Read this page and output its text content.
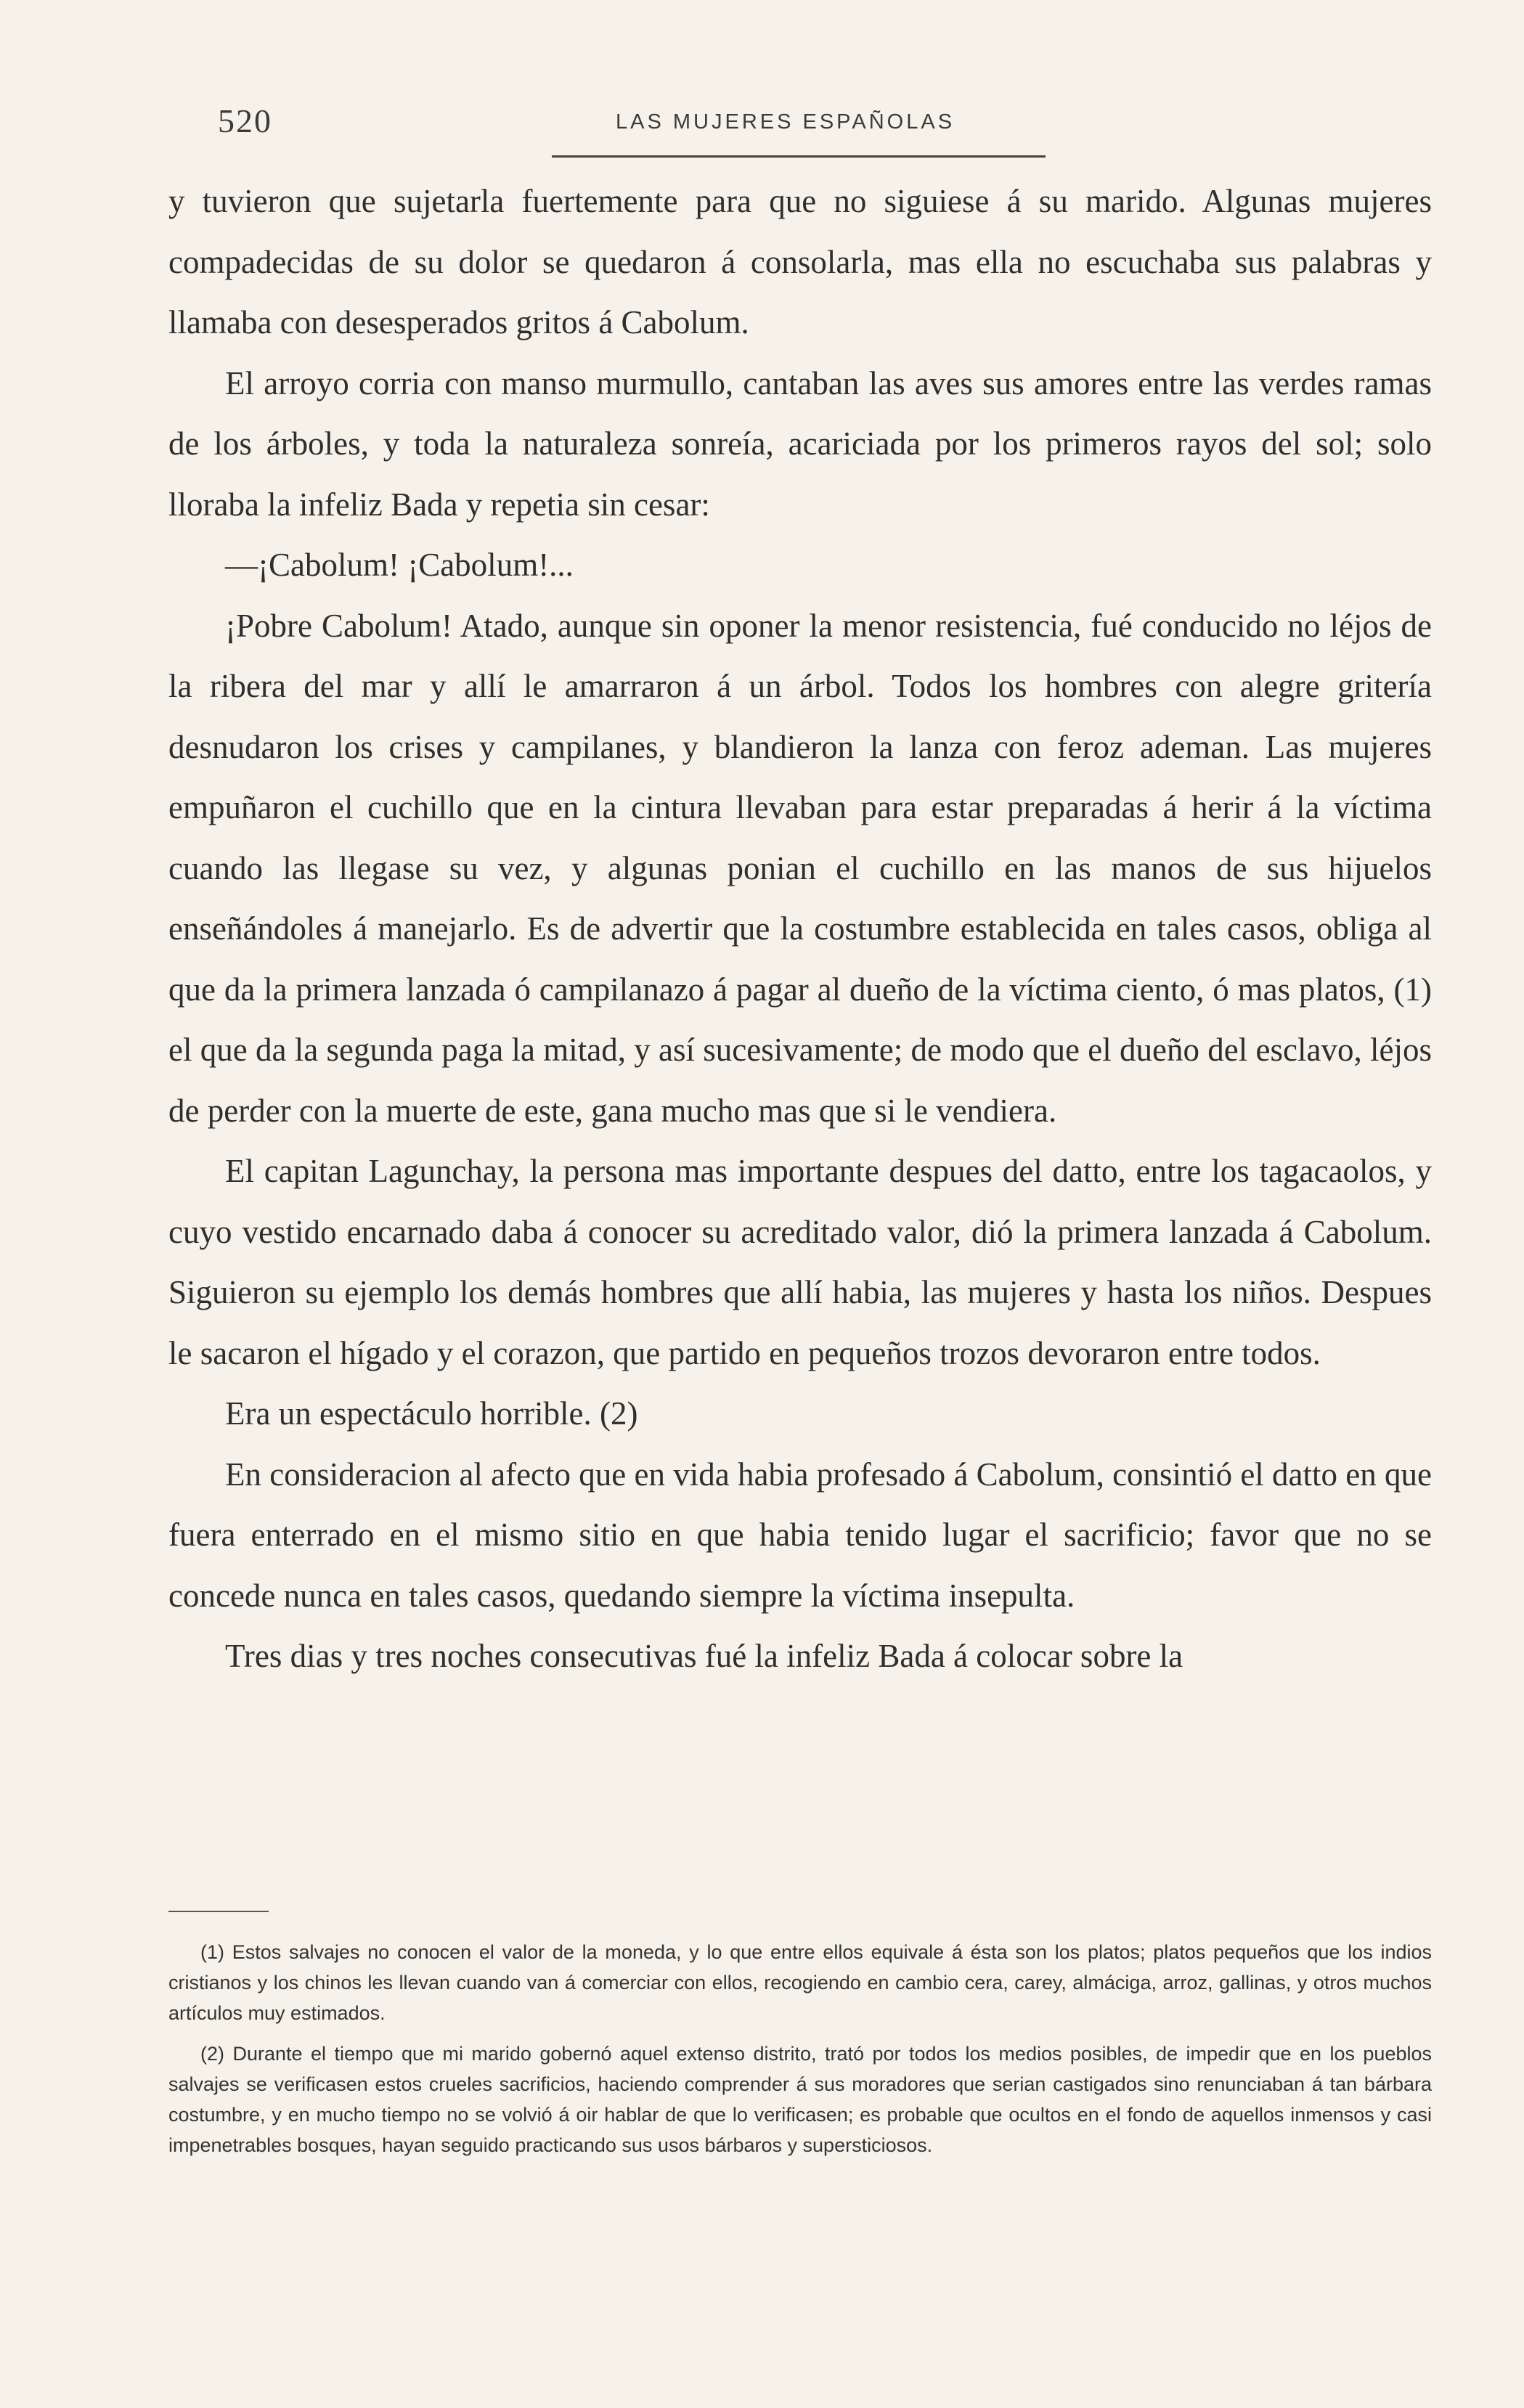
520	LAS MUJERES ESPAÑOLAS

y tuvieron que sujetarla fuertemente para que no siguiese á su marido. Algunas mujeres compadecidas de su dolor se quedaron á consolarla, mas ella no escuchaba sus palabras y llamaba con desesperados gritos á Cabolum.

El arroyo corria con manso murmullo, cantaban las aves sus amores entre las verdes ramas de los árboles, y toda la naturaleza sonreía, acariciada por los primeros rayos del sol; solo lloraba la infeliz Bada y repetia sin cesar:

—¡Cabolum! ¡Cabolum!...

¡Pobre Cabolum! Atado, aunque sin oponer la menor resistencia, fué conducido no léjos de la ribera del mar y allí le amarraron á un árbol. Todos los hombres con alegre gritería desnudaron los crises y campilanes, y blandieron la lanza con feroz ademan. Las mujeres empuñaron el cuchillo que en la cintura llevaban para estar preparadas á herir á la víctima cuando las llegase su vez, y algunas ponian el cuchillo en las manos de sus hijuelos enseñándoles á manejarlo. Es de advertir que la costumbre establecida en tales casos, obliga al que da la primera lanzada ó campilanazo á pagar al dueño de la víctima ciento, ó mas platos, (1) el que da la segunda paga la mitad, y así sucesivamente; de modo que el dueño del esclavo, léjos de perder con la muerte de este, gana mucho mas que si le vendiera.

El capitan Lagunchay, la persona mas importante despues del datto, entre los tagacaolos, y cuyo vestido encarnado daba á conocer su acreditado valor, dió la primera lanzada á Cabolum. Siguieron su ejemplo los demás hombres que allí habia, las mujeres y hasta los niños. Despues le sacaron el hígado y el corazon, que partido en pequeños trozos devoraron entre todos.

Era un espectáculo horrible. (2)

En consideracion al afecto que en vida habia profesado á Cabolum, consintió el datto en que fuera enterrado en el mismo sitio en que habia tenido lugar el sacrificio; favor que no se concede nunca en tales casos, quedando siempre la víctima insepulta.

Tres dias y tres noches consecutivas fué la infeliz Bada á colocar sobre la

(1) Estos salvajes no conocen el valor de la moneda, y lo que entre ellos equivale á ésta son los platos; platos pequeños que los indios cristianos y los chinos les llevan cuando van á comerciar con ellos, recogiendo en cambio cera, carey, almáciga, arroz, gallinas, y otros muchos artículos muy estimados.

(2) Durante el tiempo que mi marido gobernó aquel extenso distrito, trató por todos los medios posibles, de impedir que en los pueblos salvajes se verificasen estos crueles sacrificios, haciendo comprender á sus moradores que serian castigados sino renunciaban á tan bárbara costumbre, y en mucho tiempo no se volvió á oir hablar de que lo verificasen; es probable que ocultos en el fondo de aquellos inmensos y casi impenetrables bosques, hayan seguido practicando sus usos bárbaros y supersticiosos.
